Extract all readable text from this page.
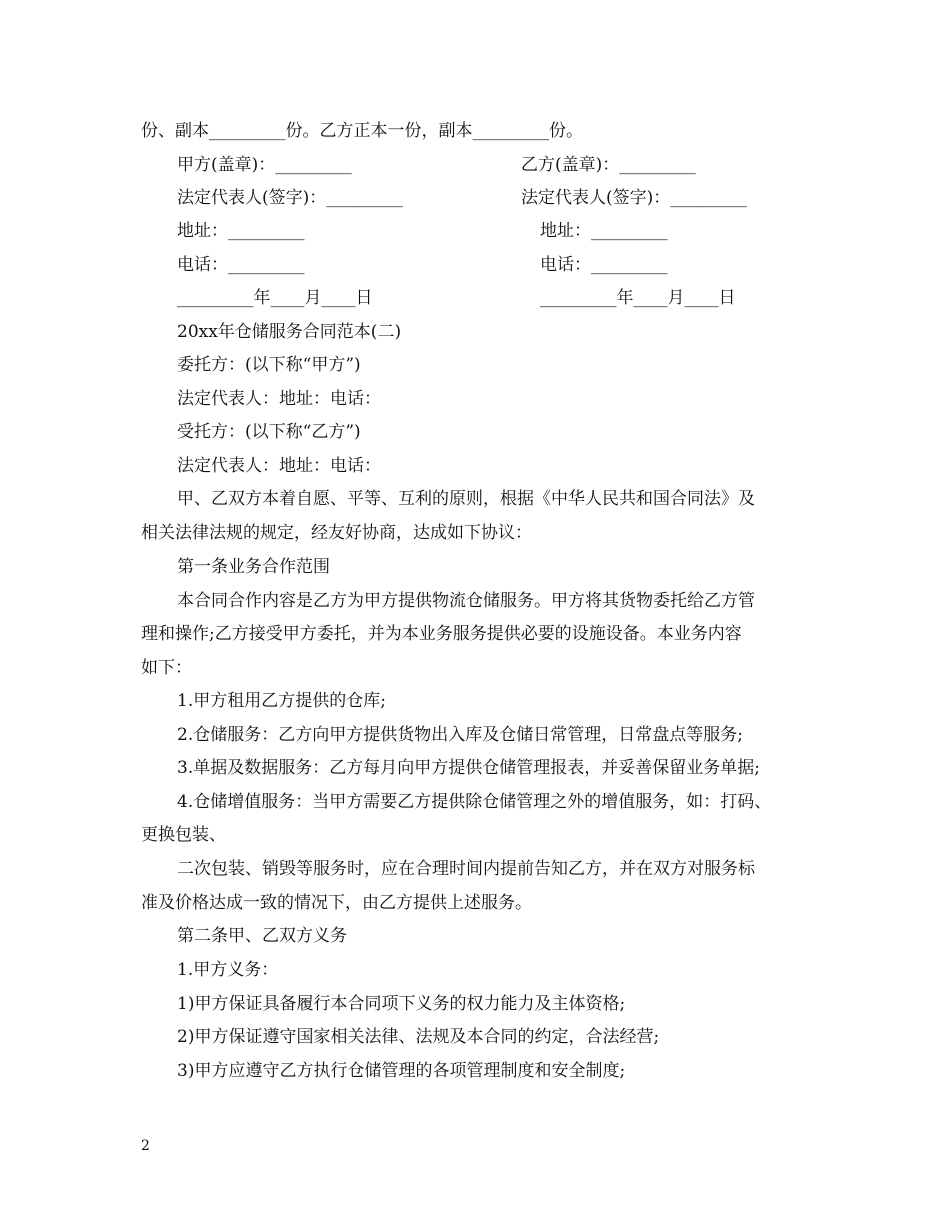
份、副本_________份。乙方正本一份，副本_________份。
甲方(盖章)：_________	乙方(盖章)：_________
法定代表人(签字)：_________	法定代表人(签字)：_________
地址：_________	地址：_________
电话：_________	电话：_________
_________年____月____日	_________年____月____日
20xx年仓储服务合同范本(二)
委托方：(以下称“甲方”)
法定代表人：地址：电话：
受托方：(以下称“乙方”)
法定代表人：地址：电话：
甲、乙双方本着自愿、平等、互利的原则，根据《中华人民共和国合同法》及
相关法律法规的规定，经友好协商，达成如下协议：
第一条业务合作范围
本合同合作内容是乙方为甲方提供物流仓储服务。甲方将其货物委托给乙方管
理和操作;乙方接受甲方委托，并为本业务服务提供必要的设施设备。本业务内容
如下：
1.甲方租用乙方提供的仓库;
2.仓储服务：乙方向甲方提供货物出入库及仓储日常管理，日常盘点等服务;
3.单据及数据服务：乙方每月向甲方提供仓储管理报表，并妥善保留业务单据;
4.仓储增值服务：当甲方需要乙方提供除仓储管理之外的增值服务，如：打码、
更换包装、
二次包装、销毁等服务时，应在合理时间内提前告知乙方，并在双方对服务标
准及价格达成一致的情况下，由乙方提供上述服务。
第二条甲、乙双方义务
1.甲方义务：
1)甲方保证具备履行本合同项下义务的权力能力及主体资格;
2)甲方保证遵守国家相关法律、法规及本合同的约定，合法经营;
3)甲方应遵守乙方执行仓储管理的各项管理制度和安全制度;
2
